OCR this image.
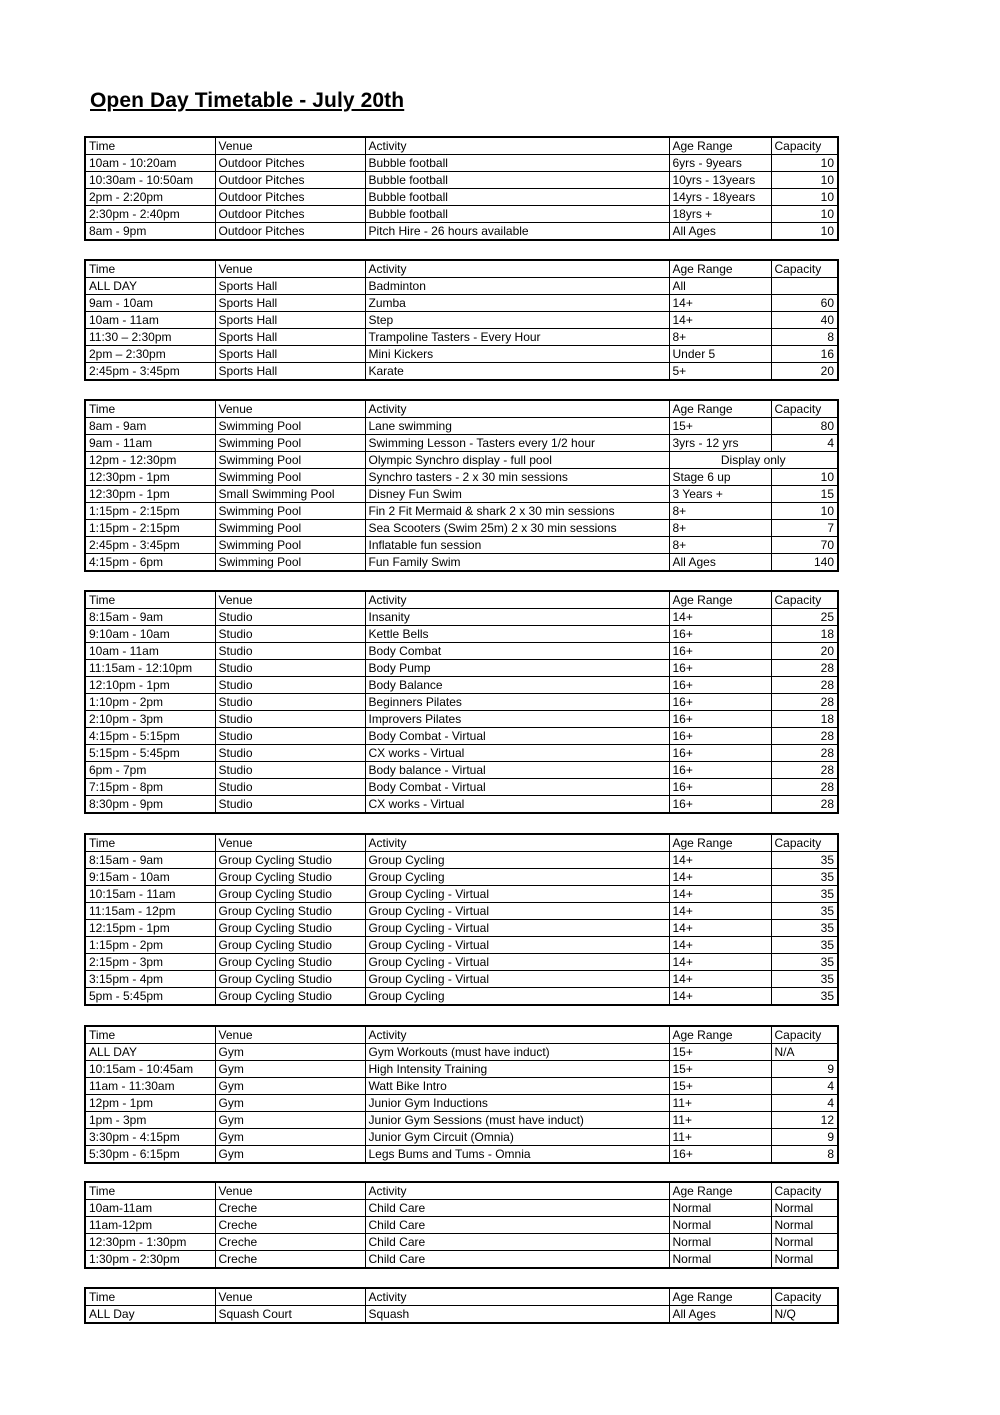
Open Day Timetable - July 20th
Time	Venue	Activity	Age Range	Capacity
10am - 10:20am	Outdoor Pitches	Bubble football	6yrs - 9years	10
10:30am - 10:50am	Outdoor Pitches	Bubble football	10yrs - 13years	10
2pm - 2:20pm	Outdoor Pitches	Bubble football	14yrs - 18years	10
2:30pm - 2:40pm	Outdoor Pitches	Bubble football	18yrs +	10
8am - 9pm	Outdoor Pitches	Pitch Hire - 26 hours available	All Ages	10
Time	Venue	Activity	Age Range	Capacity
ALL DAY	Sports Hall	Badminton	All	
9am - 10am	Sports Hall	Zumba	14+	60
10am - 11am	Sports Hall	Step	14+	40
11:30 – 2:30pm	Sports Hall	Trampoline Tasters - Every Hour	8+	8
2pm – 2:30pm	Sports Hall	Mini Kickers	Under 5	16
2:45pm - 3:45pm	Sports Hall	Karate	5+	20
Time	Venue	Activity	Age Range	Capacity
8am - 9am	Swimming Pool	Lane swimming	15+	80
9am - 11am	Swimming Pool	Swimming Lesson - Tasters every 1/2 hour	3yrs - 12 yrs	4
12pm - 12:30pm	Swimming Pool	Olympic Synchro display - full pool	Display only	
12:30pm - 1pm	Swimming Pool	Synchro tasters - 2 x 30 min sessions	Stage 6 up	10
12:30pm - 1pm	Small Swimming Pool	Disney Fun Swim	3 Years +	15
1:15pm - 2:15pm	Swimming Pool	Fin 2 Fit Mermaid & shark 2 x 30 min sessions	8+	10
1:15pm - 2:15pm	Swimming Pool	Sea Scooters (Swim 25m) 2 x 30 min sessions	8+	7
2:45pm - 3:45pm	Swimming Pool	Inflatable fun session	8+	70
4:15pm - 6pm	Swimming Pool	Fun Family Swim	All Ages	140
Time	Venue	Activity	Age Range	Capacity
8:15am - 9am	Studio	Insanity	14+	25
9:10am - 10am	Studio	Kettle Bells	16+	18
10am - 11am	Studio	Body Combat	16+	20
11:15am - 12:10pm	Studio	Body Pump	16+	28
12:10pm - 1pm	Studio	Body Balance	16+	28
1:10pm - 2pm	Studio	Beginners Pilates	16+	28
2:10pm - 3pm	Studio	Improvers Pilates	16+	18
4:15pm - 5:15pm	Studio	Body Combat - Virtual	16+	28
5:15pm - 5:45pm	Studio	CX works - Virtual	16+	28
6pm - 7pm	Studio	Body balance - Virtual	16+	28
7:15pm - 8pm	Studio	Body Combat - Virtual	16+	28
8:30pm - 9pm	Studio	CX works - Virtual	16+	28
Time	Venue	Activity	Age Range	Capacity
8:15am - 9am	Group Cycling Studio	Group Cycling	14+	35
9:15am - 10am	Group Cycling Studio	Group Cycling	14+	35
10:15am - 11am	Group Cycling Studio	Group Cycling - Virtual	14+	35
11:15am - 12pm	Group Cycling Studio	Group Cycling - Virtual	14+	35
12:15pm - 1pm	Group Cycling Studio	Group Cycling - Virtual	14+	35
1:15pm - 2pm	Group Cycling Studio	Group Cycling - Virtual	14+	35
2:15pm - 3pm	Group Cycling Studio	Group Cycling - Virtual	14+	35
3:15pm - 4pm	Group Cycling Studio	Group Cycling - Virtual	14+	35
5pm - 5:45pm	Group Cycling Studio	Group Cycling	14+	35
Time	Venue	Activity	Age Range	Capacity
ALL DAY	Gym	Gym Workouts (must have induct)	15+	N/A
10:15am - 10:45am	Gym	High Intensity Training	15+	9
11am - 11:30am	Gym	Watt Bike Intro	15+	4
12pm - 1pm	Gym	Junior Gym Inductions	11+	4
1pm - 3pm	Gym	Junior Gym Sessions (must have induct)	11+	12
3:30pm - 4:15pm	Gym	Junior Gym Circuit (Omnia)	11+	9
5:30pm - 6:15pm	Gym	Legs Bums and Tums - Omnia	16+	8
Time	Venue	Activity	Age Range	Capacity
10am-11am	Creche	Child Care	Normal	Normal
11am-12pm	Creche	Child Care	Normal	Normal
12:30pm - 1:30pm	Creche	Child Care	Normal	Normal
1:30pm - 2:30pm	Creche	Child Care	Normal	Normal
Time	Venue	Activity	Age Range	Capacity
ALL Day	Squash Court	Squash	All Ages	N/Q
